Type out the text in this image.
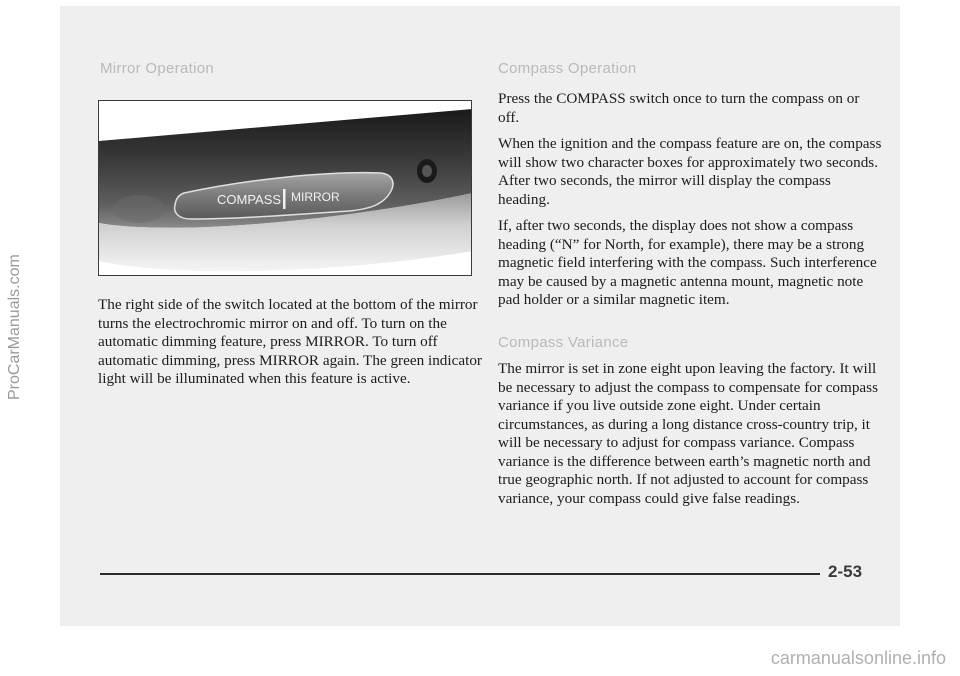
Mirror Operation
COMPASS MIRROR
The right side of the switch located at the bottom of the mirror turns the electrochromic mirror on and off. To turn on the automatic dimming feature, press MIRROR. To turn off automatic dimming, press MIRROR again. The green indicator light will be illuminated when this feature is active.
Compass Operation
Press the COMPASS switch once to turn the compass on or off.
When the ignition and the compass feature are on, the compass will show two character boxes for approximately two seconds. After two seconds, the mirror will display the compass heading.
If, after two seconds, the display does not show a compass heading (“N” for North, for example), there may be a strong magnetic field interfering with the compass. Such interference may be caused by a magnetic antenna mount, magnetic note pad holder or a similar magnetic item.
Compass Variance
The mirror is set in zone eight upon leaving the factory. It will be necessary to adjust the compass to compensate for compass variance if you live outside zone eight. Under certain circumstances, as during a long distance cross-country trip, it will be necessary to adjust for compass variance. Compass variance is the difference between earth’s magnetic north and true geographic north. If not adjusted to account for compass variance, your compass could give false readings.
2-53
ProCarManuals.com
carmanualsonline.info
